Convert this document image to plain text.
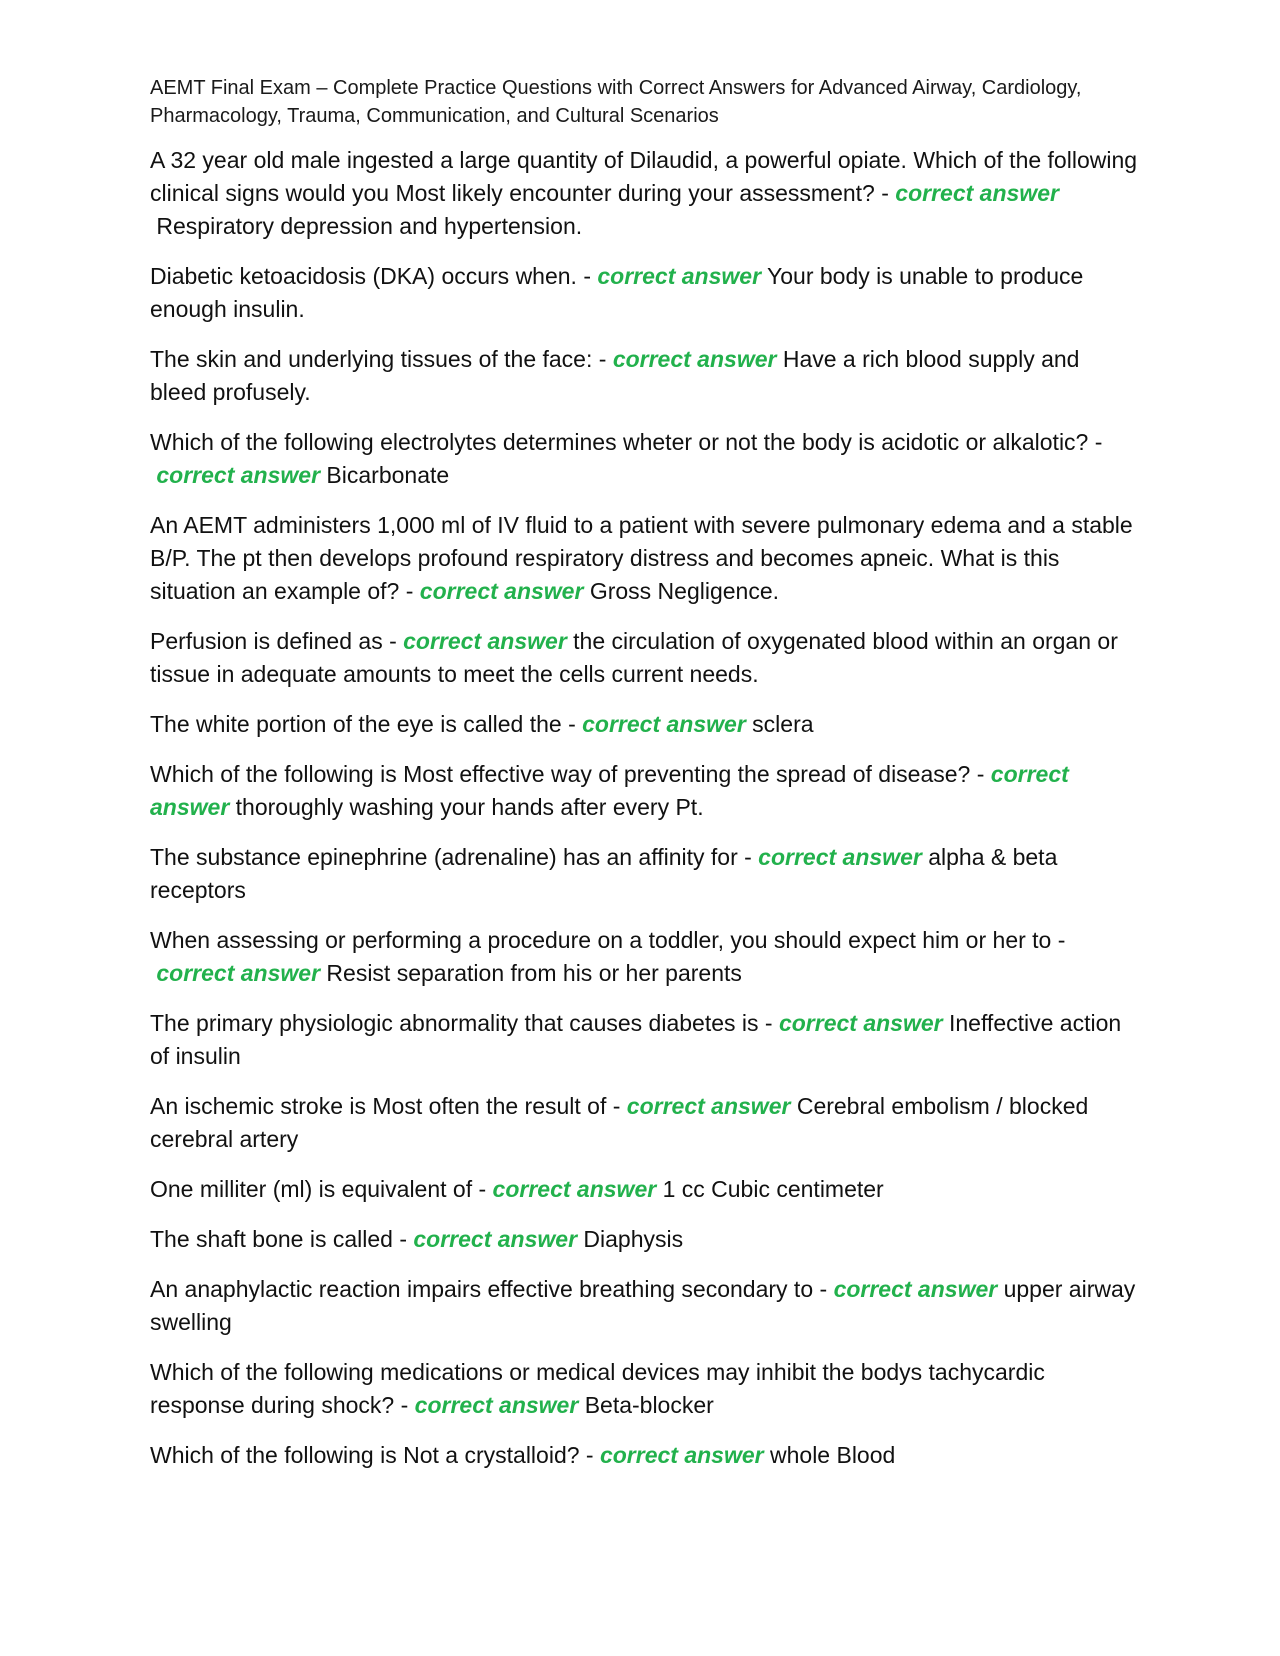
AEMT Final Exam – Complete Practice Questions with Correct Answers for Advanced Airway, Cardiology, Pharmacology, Trauma, Communication, and Cultural Scenarios
A 32 year old male ingested a large quantity of Dilaudid, a powerful opiate. Which of the following clinical signs would you Most likely encounter during your assessment? - correct answer Respiratory depression and hypertension.
Diabetic ketoacidosis (DKA) occurs when. - correct answer Your body is unable to produce enough insulin.
The skin and underlying tissues of the face: - correct answer Have a rich blood supply and bleed profusely.
Which of the following electrolytes determines wheter or not the body is acidotic or alkalotic? - correct answer Bicarbonate
An AEMT administers 1,000 ml of IV fluid to a patient with severe pulmonary edema and a stable B/P. The pt then develops profound respiratory distress and becomes apneic. What is this situation an example of? - correct answer Gross Negligence.
Perfusion is defined as - correct answer the circulation of oxygenated blood within an organ or tissue in adequate amounts to meet the cells current needs.
The white portion of the eye is called the - correct answer sclera
Which of the following is Most effective way of preventing the spread of disease? - correct answer thoroughly washing your hands after every Pt.
The substance epinephrine (adrenaline) has an affinity for - correct answer alpha & beta receptors
When assessing or performing a procedure on a toddler, you should expect him or her to - correct answer Resist separation from his or her parents
The primary physiologic abnormality that causes diabetes is - correct answer Ineffective action of insulin
An ischemic stroke is Most often the result of - correct answer Cerebral embolism / blocked cerebral artery
One milliter (ml) is equivalent of - correct answer 1 cc Cubic centimeter
The shaft bone is called - correct answer Diaphysis
An anaphylactic reaction impairs effective breathing secondary to - correct answer upper airway swelling
Which of the following medications or medical devices may inhibit the bodys tachycardic response during shock? - correct answer Beta-blocker
Which of the following is Not a crystalloid? - correct answer whole Blood
